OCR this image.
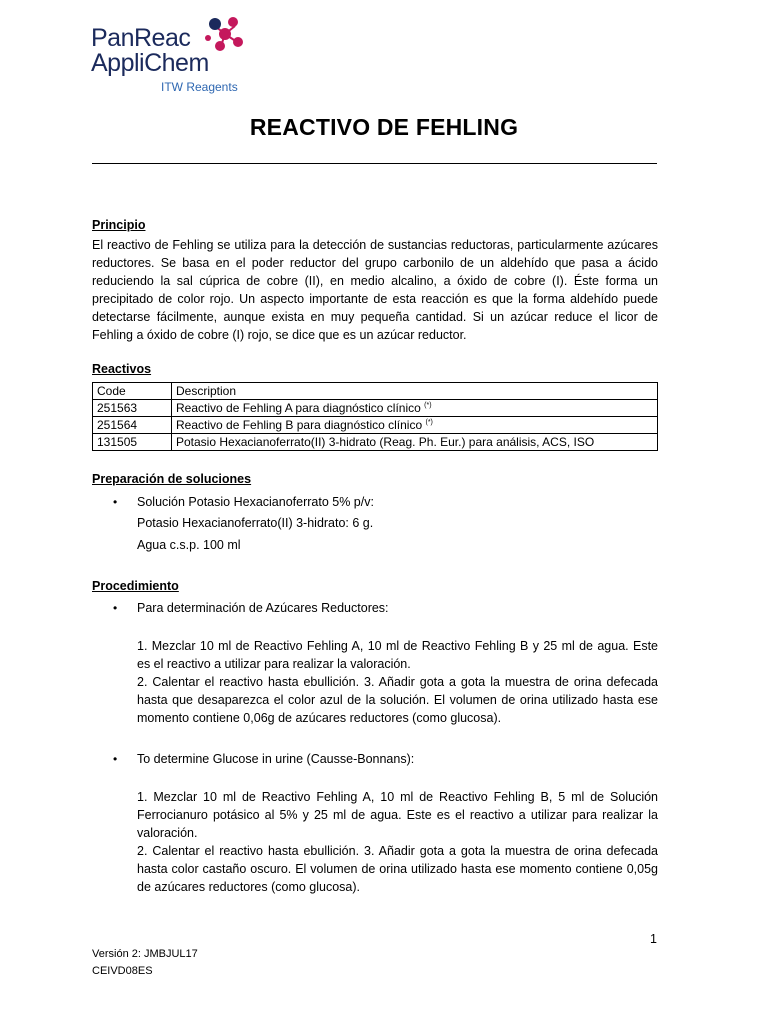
PanReac
AppliChem
ITW Reagents
REACTIVO DE FEHLING
Principio
El reactivo de Fehling se utiliza para la detección de sustancias reductoras, particularmente azúcares reductores. Se basa en el poder reductor del grupo carbonilo de un aldehído que pasa a ácido reduciendo la sal cúprica de cobre (II), en medio alcalino, a óxido de cobre (I). Éste forma un precipitado de color rojo. Un aspecto importante de esta reacción es que la forma aldehído puede detectarse fácilmente, aunque exista en muy pequeña cantidad. Si un azúcar reduce el licor de Fehling a óxido de cobre (I) rojo, se dice que es un azúcar reductor.
Reactivos
Code	Description
251563	Reactivo de Fehling A para diagnóstico clínico (*)
251564	Reactivo de Fehling B para diagnóstico clínico (*)
131505	Potasio Hexacianoferrato(II) 3-hidrato (Reag. Ph. Eur.) para análisis, ACS, ISO
Preparación de soluciones
• Solución Potasio Hexacianoferrato 5% p/v:
Potasio Hexacianoferrato(II) 3-hidrato: 6 g.
Agua c.s.p. 100 ml
Procedimiento
• Para determinación de Azúcares Reductores:
1. Mezclar 10 ml de Reactivo Fehling A, 10 ml de Reactivo Fehling B y 25 ml de agua. Este es el reactivo a utilizar para realizar la valoración.
2. Calentar el reactivo hasta ebullición. 3. Añadir gota a gota la muestra de orina defecada hasta que desaparezca el color azul de la solución. El volumen de orina utilizado hasta ese momento contiene 0,06g de azúcares reductores (como glucosa).
• To determine Glucose in urine (Causse-Bonnans):
1. Mezclar 10 ml de Reactivo Fehling A, 10 ml de Reactivo Fehling B, 5 ml de Solución Ferrocianuro potásico al 5% y 25 ml de agua. Este es el reactivo a utilizar para realizar la valoración.
2. Calentar el reactivo hasta ebullición. 3. Añadir gota a gota la muestra de orina defecada hasta color castaño oscuro. El volumen de orina utilizado hasta ese momento contiene 0,05g de azúcares reductores (como glucosa).
1
Versión 2: JMBJUL17
CEIVD08ES
